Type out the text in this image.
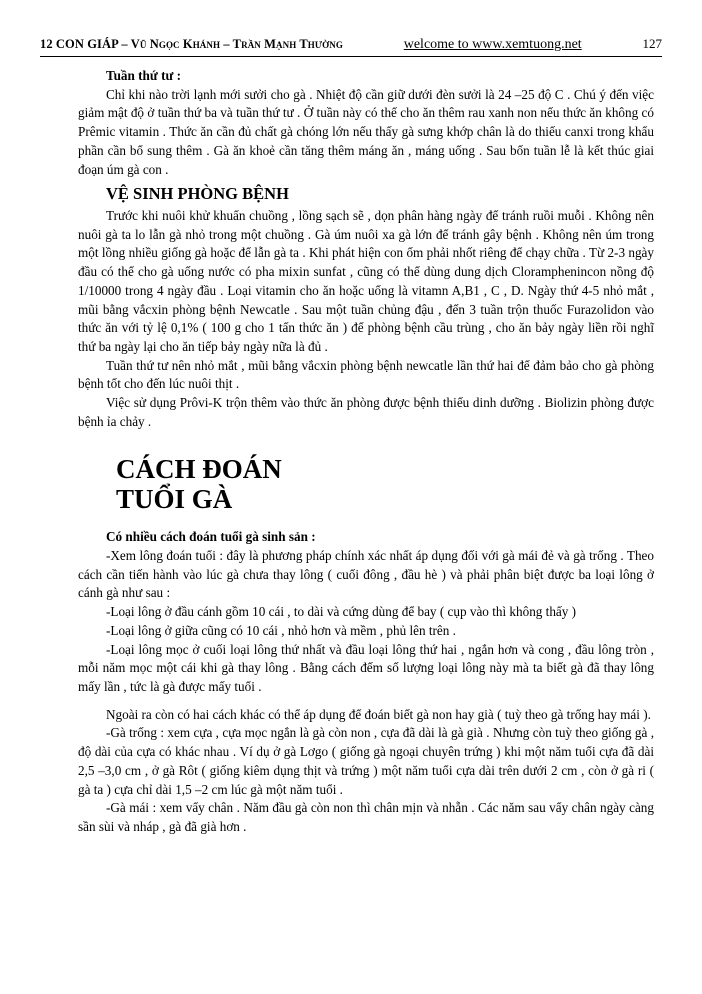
12 CON GIÁP – Vũ Ngọc Khánh – Trần Mạnh Thường	welcome to www.xemtuong.net	127

Tuần thứ tư :

Chỉ khi nào trời lạnh mới sưởi cho gà . Nhiệt độ cần giữ dưới đèn sưởi là 24 –25 độ C . Chú ý đến việc giảm mật độ ở tuần thứ ba và tuần thứ tư . Ở tuần này có thể cho ăn thêm rau xanh non nếu thức ăn không có Prêmic vitamin . Thức ăn cần đủ chất gà chóng lớn nếu thấy gà sưng khớp chân là do thiếu canxi trong khẩu phần cần bổ sung thêm . Gà ăn khoẻ cần tăng thêm máng ăn , máng uống . Sau bốn tuần lễ là kết thúc giai đoạn úm gà con .

VỆ SINH PHÒNG BỆNH

Trước khi nuôi khử khuẩn chuồng , lồng sạch sẽ , dọn phân hàng ngày để tránh ruồi muỗi . Không nên nuôi gà ta lo lẫn gà nhỏ trong một chuồng . Gà úm nuôi xa gà lớn để tránh gây bệnh . Không nên úm trong một lồng nhiều giống gà hoặc để lẫn gà ta . Khi phát hiện con ốm phải nhốt riêng để chạy chữa . Từ 2-3 ngày đầu có thể cho gà uống nước có pha mixin sunfat , cũng có thể dùng dung dịch Cloramphenincon nồng độ 1/10000 trong 4 ngày đầu . Loại vitamin cho ăn hoặc uống là vitamn A,B1 , C , D. Ngày thứ 4-5 nhỏ mắt , mũi bằng vắcxin phòng bệnh Newcatle . Sau một tuần chủng đậu , đến 3 tuần trộn thuốc Furazolidon vào thức ăn với tỷ lệ 0,1% ( 100 g cho 1 tấn thức ăn ) để phòng bệnh cầu trùng , cho ăn bảy ngày liền rồi nghĩ thứ ba ngày lại cho ăn tiếp bảy ngày nữa là đủ .

Tuần thứ tư nên nhỏ mắt , mũi bằng vắcxin phòng bệnh newcatle lần thứ hai để đảm bảo cho gà phòng bệnh tốt cho đến lúc nuôi thịt .

Việc sử dụng Prôvi-K trộn thêm vào thức ăn phòng được bệnh thiếu dinh dưỡng . Biolizin phòng được bệnh ỉa chảy .

CÁCH ĐOÁN
TUỔI GÀ

Có nhiều cách đoán tuổi gà sinh sản :

-Xem lông đoán tuổi : đây là phương pháp chính xác nhất áp dụng đối với gà mái đẻ và gà trống . Theo cách cần tiến hành vào lúc gà chưa thay lông ( cuối đông , đầu hè ) và phải phân biệt được ba loại lông ở cánh gà như sau :

-Loại lông ở đầu cánh gồm 10 cái , to dài và cứng dùng để bay ( cụp vào thì không thấy )

-Loại lông ở giữa cũng có 10 cái , nhỏ hơn và mềm , phủ lên trên .

-Loại lông mọc ở cuối loại lông thứ nhất và đầu loại lông thứ hai , ngắn hơn và cong , đầu lông tròn , mỗi năm mọc một cái khi gà thay lông . Bằng cách đếm số lượng loại lông này mà ta biết gà đã thay lông mấy lần , tức là gà được mấy tuổi .

Ngoài ra còn có hai cách khác có thể áp dụng để đoán biết gà non hay già ( tuỳ theo gà trống hay mái ).

-Gà trống : xem cựa , cựa mọc ngắn là gà còn non , cựa đã dài là gà già . Nhưng còn tuỳ theo giống gà , độ dài của cựa có khác nhau . Ví dụ ở gà Lơgo ( giống gà ngoại chuyên trứng ) khi một năm tuổi cựa đã dài 2,5 –3,0 cm , ở gà Rôt ( giống kiêm dụng thịt và trứng ) một năm tuổi cựa dài trên dưới 2 cm , còn ở gà ri ( gà ta ) cựa chỉ dài 1,5 –2 cm lúc gà một năm tuổi .

-Gà mái : xem vẩy chân . Năm đầu gà còn non thì chân mịn và nhẵn . Các năm sau vẩy chân ngày càng sần sùi và nháp , gà đã già hơn .
